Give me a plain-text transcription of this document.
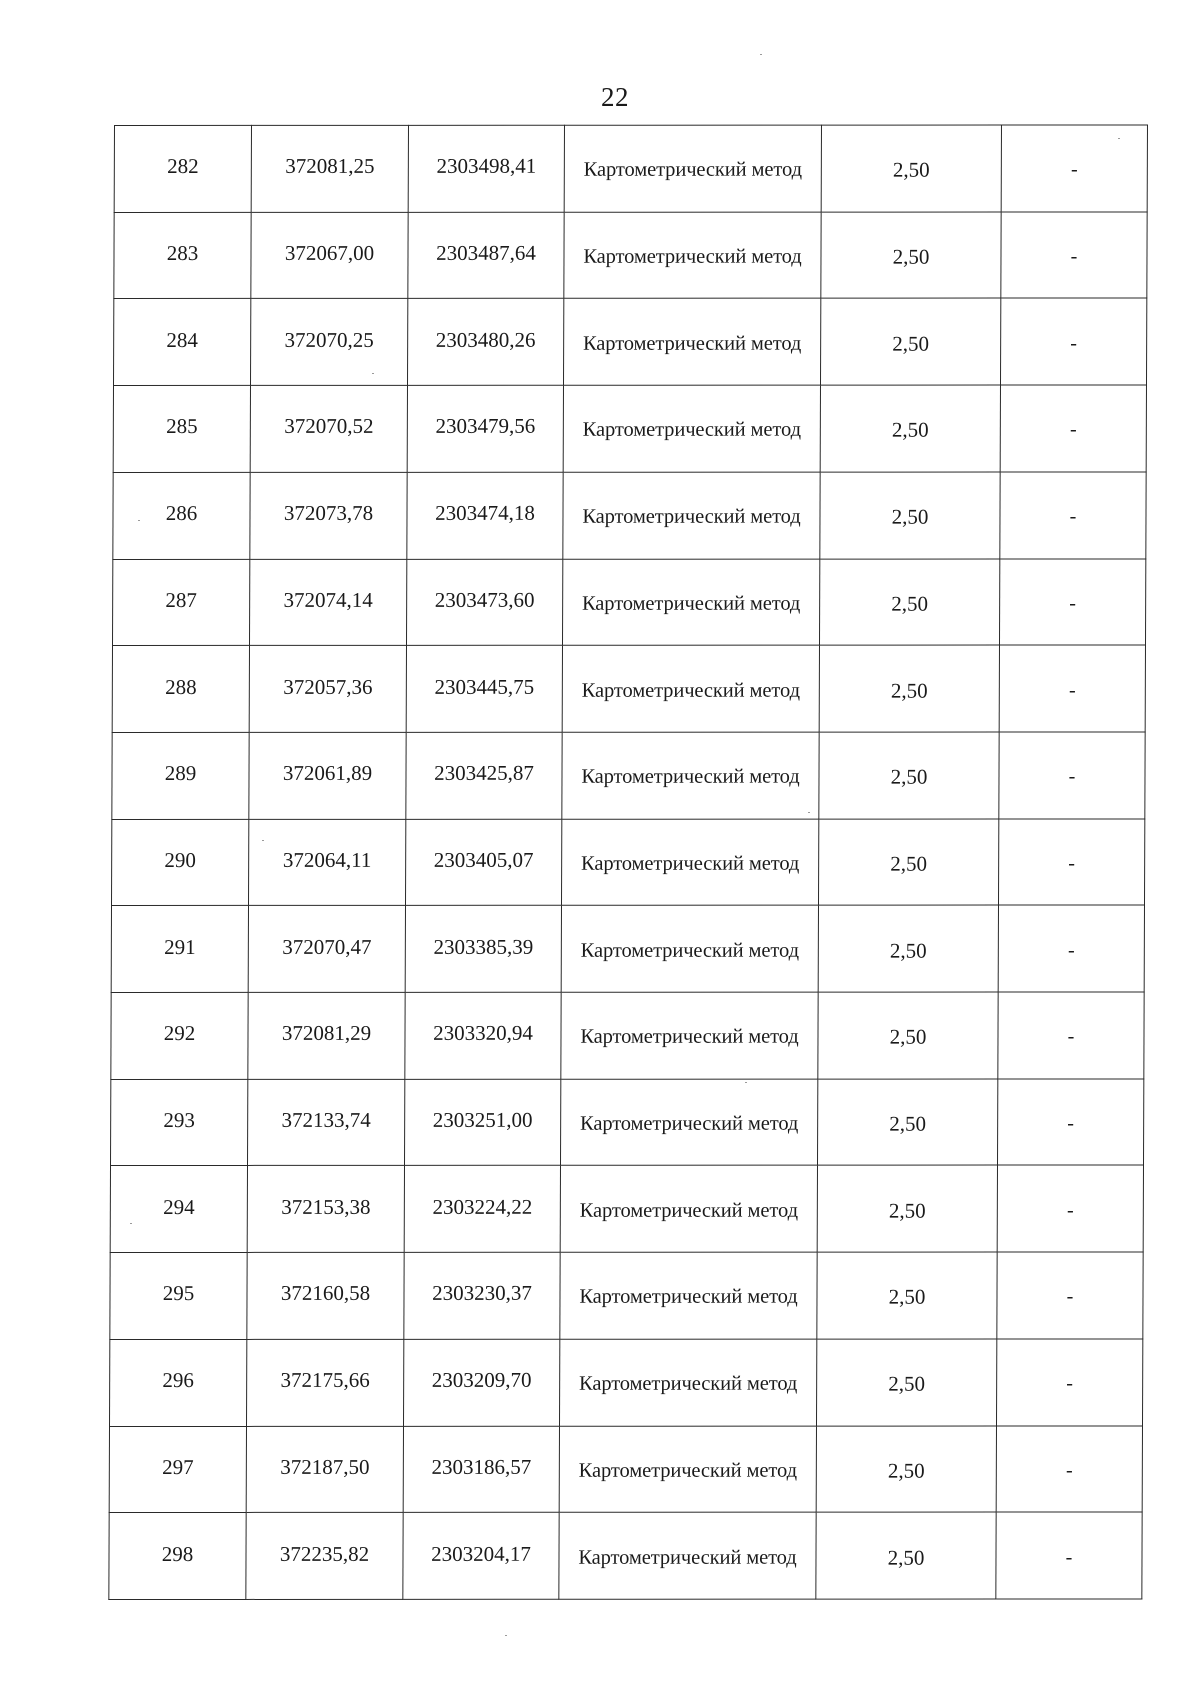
22
282	372081,25	2303498,41	Картометрический метод	2,50	-
283	372067,00	2303487,64	Картометрический метод	2,50	-
284	372070,25	2303480,26	Картометрический метод	2,50	-
285	372070,52	2303479,56	Картометрический метод	2,50	-
286	372073,78	2303474,18	Картометрический метод	2,50	-
287	372074,14	2303473,60	Картометрический метод	2,50	-
288	372057,36	2303445,75	Картометрический метод	2,50	-
289	372061,89	2303425,87	Картометрический метод	2,50	-
290	372064,11	2303405,07	Картометрический метод	2,50	-
291	372070,47	2303385,39	Картометрический метод	2,50	-
292	372081,29	2303320,94	Картометрический метод	2,50	-
293	372133,74	2303251,00	Картометрический метод	2,50	-
294	372153,38	2303224,22	Картометрический метод	2,50	-
295	372160,58	2303230,37	Картометрический метод	2,50	-
296	372175,66	2303209,70	Картометрический метод	2,50	-
297	372187,50	2303186,57	Картометрический метод	2,50	-
298	372235,82	2303204,17	Картометрический метод	2,50	-
